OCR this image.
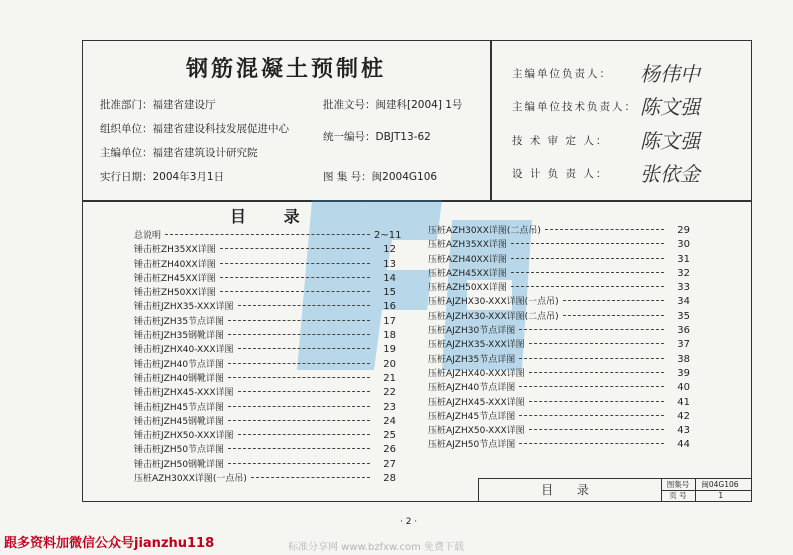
钢筋混凝土预制桩
批准部门：福建省建设厅
组织单位：福建省建设科技发展促进中心
主编单位：福建省建筑设计研究院
实行日期：2004年3月1日
批准文号：闽建科[2004] 1号
统一编号：DBJT13-62
图 集 号：闽2004G106
主编单位负责人： 杨伟中
主编单位技术负责人： 陈文强
技 术 审 定 人： 陈文强
设 计 负 责 人： 张依金
目 录
总说明	2~11
锤击桩ZH35XX详图	12
锤击桩ZH40XX详图	13
锤击桩ZH45XX详图	14
锤击桩ZH50XX详图	15
锤击桩JZHX35-XXX详图	16
锤击桩JZH35节点详图	17
锤击桩JZH35钢靴详图	18
锤击桩JZHX40-XXX详图	19
锤击桩JZH40节点详图	20
锤击桩JZH40钢靴详图	21
锤击桩JZHX45-XXX详图	22
锤击桩JZH45节点详图	23
锤击桩JZH45钢靴详图	24
锤击桩JZHX50-XXX详图	25
锤击桩JZH50节点详图	26
锤击桩JZH50钢靴详图	27
压桩AZH30XX详图(一点吊)	28
压桩AZH30XX详图(二点吊)	29
压桩AZH35XX详图	30
压桩AZH40XX详图	31
压桩AZH45XX详图	32
压桩AZH50XX详图	33
压桩AJZHX30-XXX详图(一点吊)	34
压桩AJZHX30-XXX详图(二点吊)	35
压桩AJZH30节点详图	36
压桩AJZHX35-XXX详图	37
压桩AJZH35节点详图	38
压桩AJZHX40-XXX详图	39
压桩AJZH40节点详图	40
压桩AJZHX45-XXX详图	41
压桩AJZH45节点详图	42
压桩AJZHX50-XXX详图	43
压桩AJZH50节点详图	44
目 录	图集号 闽04G106
页 号	1
· 2 ·
跟多资料加微信公众号jianzhu118	标准分享网 www.bzfxw.com 免费下载
